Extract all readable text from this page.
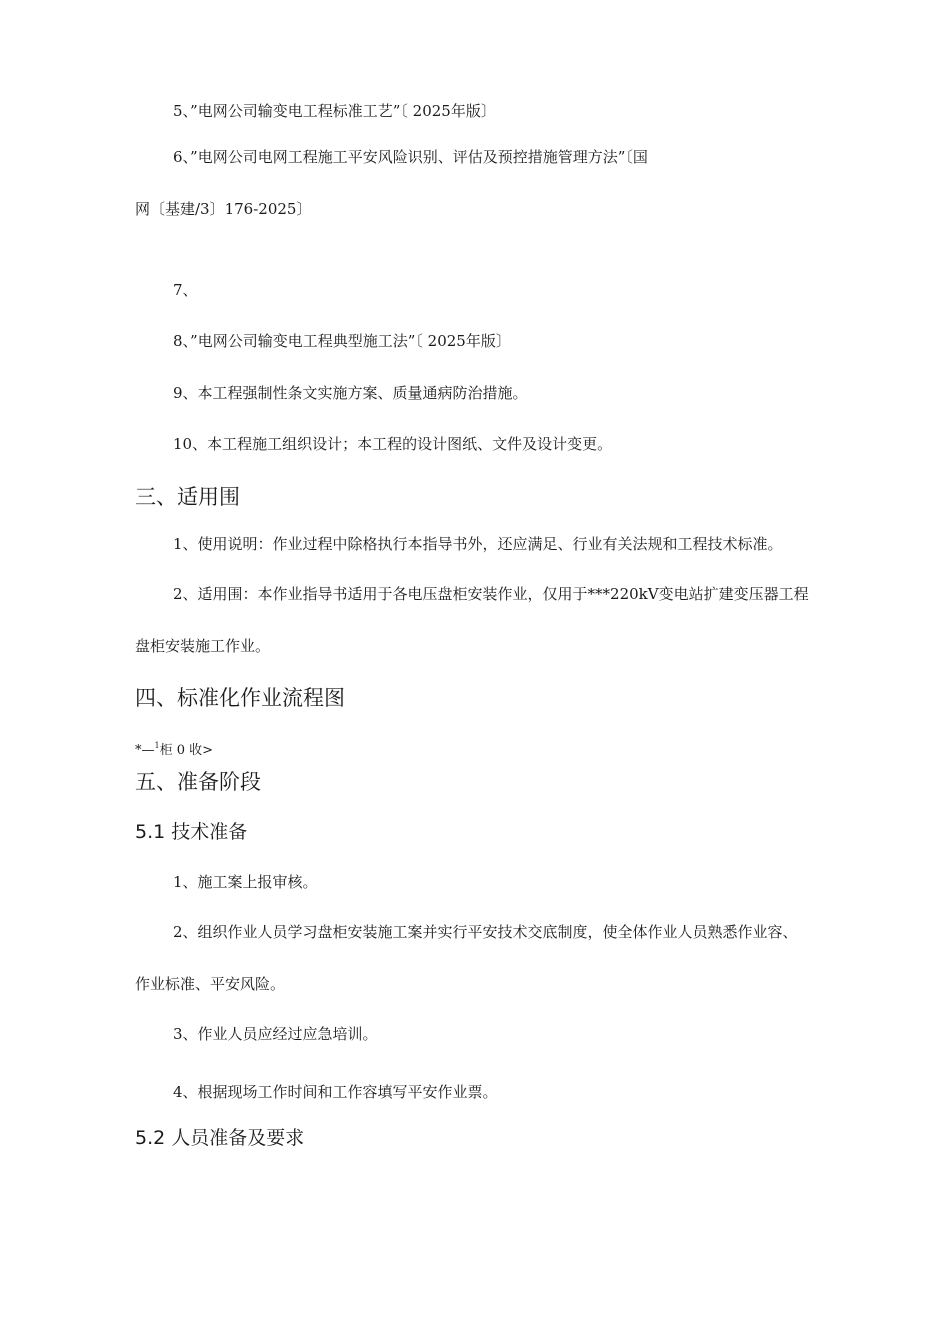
5、”电网公司输变电工程标准工艺”〔 2025年版〕
6、”电网公司电网工程施工平安风险识别、评估及预控措施管理方法”〔国
网〔基建/3〕176-2025〕
7、
8、”电网公司输变电工程典型施工法”〔 2025年版〕
9、本工程强制性条文实施方案、质量通病防治措施。
10、本工程施工组织设计；本工程的设计图纸、文件及设计变更。
三、适用围
1、使用说明：作业过程中除格执行本指导书外，还应满足、行业有关法规和工程技术标准。
2、适用围：本作业指导书适用于各电压盘柜安装作业，仅用于***220kV变电站扩建变压器工程
盘柜安装施工作业。
四、标准化作业流程图
*—$^1$柜 0 收>
五、准备阶段
5.1 技术准备
1、施工案上报审核。
2、组织作业人员学习盘柜安装施工案并实行平安技术交底制度，使全体作业人员熟悉作业容、
作业标准、平安风险。
3、作业人员应经过应急培训。
4、根据现场工作时间和工作容填写平安作业票。
5.2 人员准备及要求
